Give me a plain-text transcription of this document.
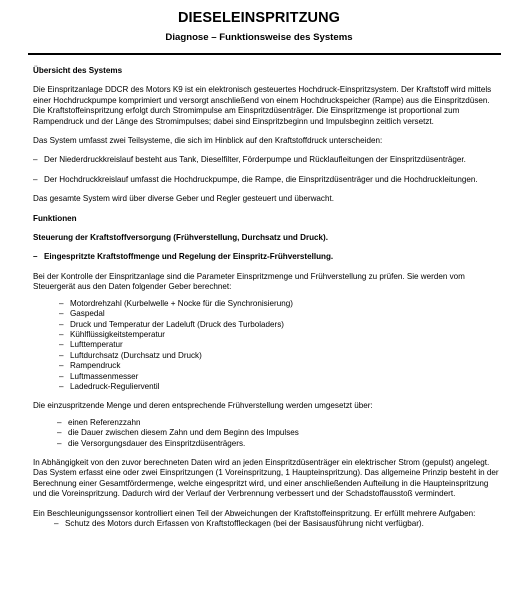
DIESELEINSPRITZUNG
Diagnose – Funktionsweise des Systems

Übersicht des Systems

Die Einspritzanlage DDCR des Motors K9 ist ein elektronisch gesteuertes Hochdruck-Einspritzsystem. Der Kraftstoff wird mittels einer Hochdruckpumpe komprimiert und versorgt anschließend von einem Hochdruckspeicher (Rampe) aus die Einspritzdüsen. Die Kraftstoffeinspritzung erfolgt durch Stromimpulse am Einspritzdüsenträger. Die Einspritzmenge ist proportional zum Rampendruck und der Länge des Stromimpulses; dabei sind Einspritzbeginn und Impulsbeginn zeitlich versetzt.

Das System umfasst zwei Teilsysteme, die sich im Hinblick auf den Kraftstoffdruck unterscheiden:

– Der Niederdruckkreislauf besteht aus Tank, Dieselfilter, Förderpumpe und Rücklaufleitungen der Einspritzdüsenträger.

– Der Hochdruckkreislauf umfasst die Hochdruckpumpe, die Rampe, die Einspritzdüsenträger und die Hochdruckleitungen.

Das gesamte System wird über diverse Geber und Regler gesteuert und überwacht.

Funktionen

Steuerung der Kraftstoffversorgung (Frühverstellung, Durchsatz und Druck).

– Eingespritzte Kraftstoffmenge und Regelung der Einspritz-Frühverstellung.

Bei der Kontrolle der Einspritzanlage sind die Parameter Einspritzmenge und Frühverstellung zu prüfen. Sie werden vom Steuergerät aus den Daten folgender Geber berechnet:

– Motordrehzahl (Kurbelwelle + Nocke für die Synchronisierung)
– Gaspedal
– Druck und Temperatur der Ladeluft (Druck des Turboladers)
– Kühlflüssigkeitstemperatur
– Lufttemperatur
– Luftdurchsatz (Durchsatz und Druck)
– Rampendruck
– Luftmassenmesser
– Ladedruck-Regulierventil

Die einzuspritzende Menge und deren entsprechende Frühverstellung werden umgesetzt über:

– einen Referenzzahn
– die Dauer zwischen diesem Zahn und dem Beginn des Impulses
– die Versorgungsdauer des Einspritzdüsenträgers.

In Abhängigkeit von den zuvor berechneten Daten wird an jeden Einspritzdüsenträger ein elektrischer Strom (gepulst) angelegt. Das System erfasst eine oder zwei Einspritzungen (1 Voreinspritzung, 1 Haupteinspritzung). Das allgemeine Prinzip besteht in der Berechnung einer Gesamtfördermenge, welche eingespritzt wird, und einer anschließenden Aufteilung in die Haupteinspritzung und die Voreinspritzung. Dadurch wird der Verlauf der Verbrennung verbessert und der Schadstoffausstoß vermindert.

Ein Beschleunigungssensor kontrolliert einen Teil der Abweichungen der Kraftstoffeinspritzung. Er erfüllt mehrere Aufgaben:

– Schutz des Motors durch Erfassen von Kraftstoffleckagen (bei der Basisausführung nicht verfügbar).
